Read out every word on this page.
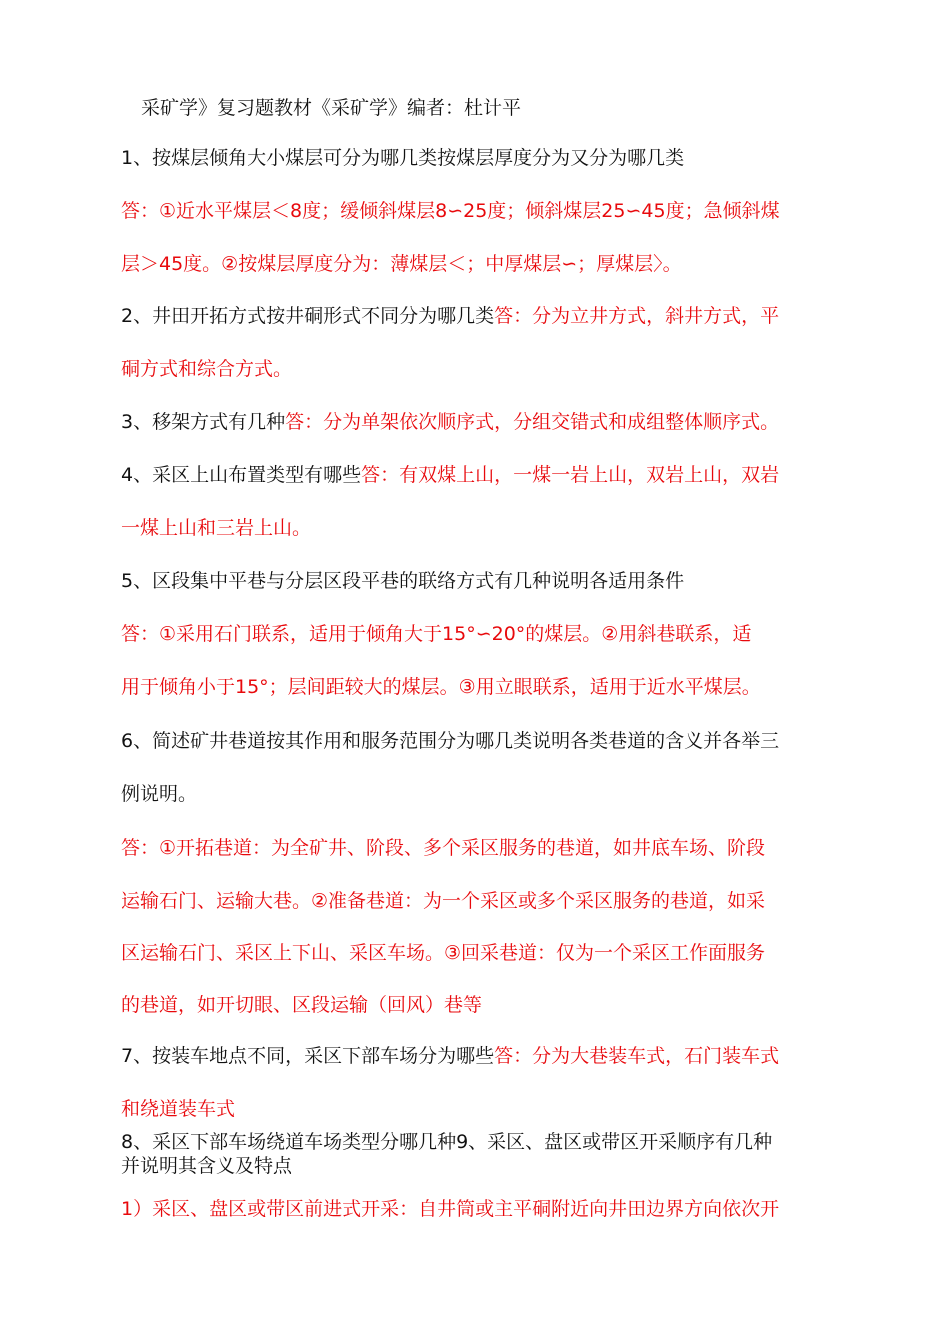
采矿学》复习题教材《采矿学》编者：杜计平
1、按煤层倾角大小煤层可分为哪几类按煤层厚度分为又分为哪几类
答：①近水平煤层＜8度；缓倾斜煤层8∽25度；倾斜煤层25∽45度；急倾斜煤
层＞45度。②按煤层厚度分为：薄煤层＜；中厚煤层∽；厚煤层〉。
2、井田开拓方式按井硐形式不同分为哪几类答：分为立井方式，斜井方式，平
硐方式和综合方式。
3、移架方式有几种答：分为单架依次顺序式，分组交错式和成组整体顺序式。
4、采区上山布置类型有哪些答：有双煤上山，一煤一岩上山，双岩上山，双岩
一煤上山和三岩上山。
5、区段集中平巷与分层区段平巷的联络方式有几种说明各适用条件
答：①采用石门联系，适用于倾角大于15°∽20°的煤层。②用斜巷联系，适
用于倾角小于15°；层间距较大的煤层。③用立眼联系，适用于近水平煤层。
6、简述矿井巷道按其作用和服务范围分为哪几类说明各类巷道的含义并各举三
例说明。
答：①开拓巷道：为全矿井、阶段、多个采区服务的巷道，如井底车场、阶段
运输石门、运输大巷。②准备巷道：为一个采区或多个采区服务的巷道，如采
区运输石门、采区上下山、采区车场。③回采巷道：仅为一个采区工作面服务
的巷道，如开切眼、区段运输（回风）巷等
7、按装车地点不同，采区下部车场分为哪些答：分为大巷装车式，石门装车式
和绕道装车式
8、采区下部车场绕道车场类型分哪几种9、采区、盘区或带区开采顺序有几种
并说明其含义及特点
1）采区、盘区或带区前进式开采：自井筒或主平硐附近向井田边界方向依次开
